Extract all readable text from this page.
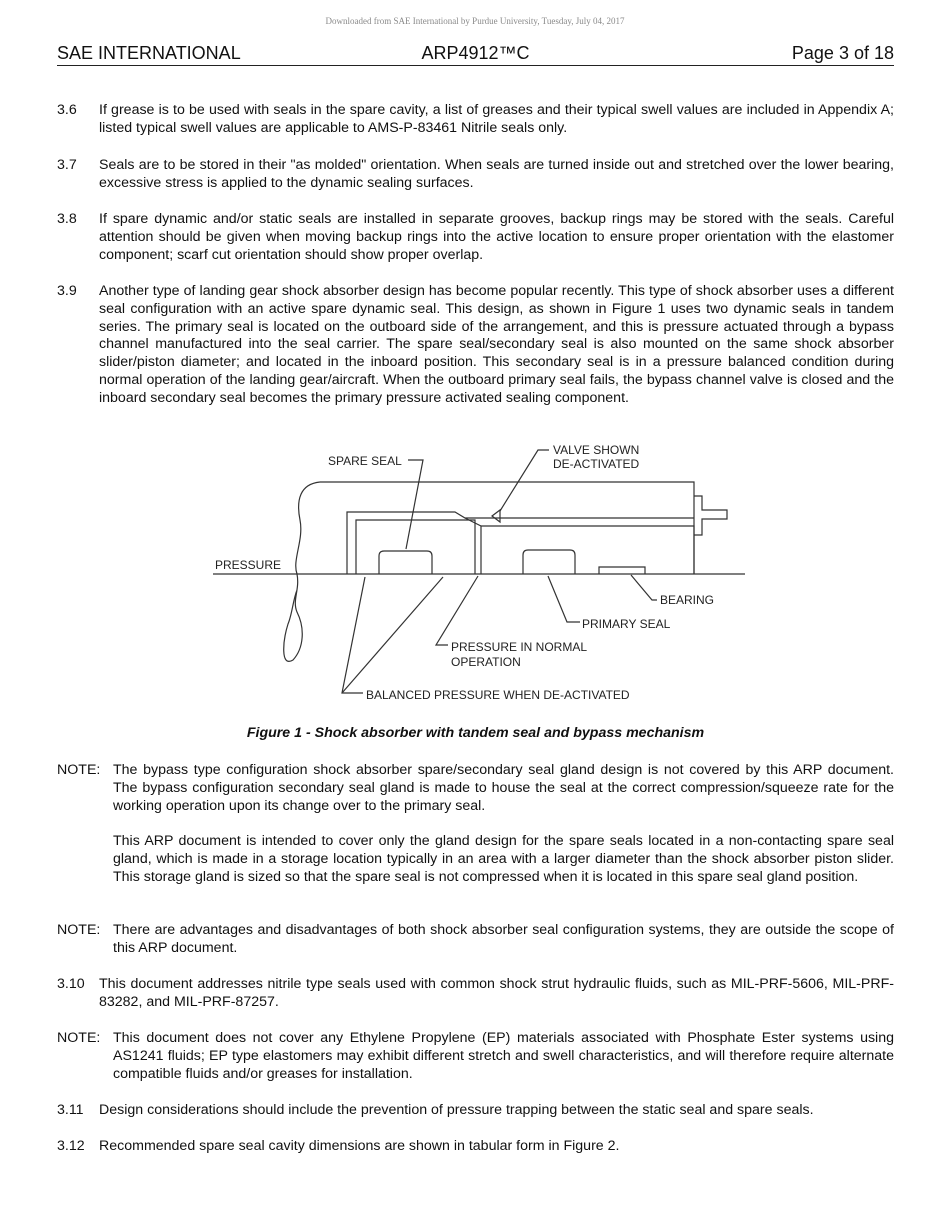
Downloaded from SAE International by Purdue University, Tuesday, July 04, 2017
SAE INTERNATIONAL	ARP4912™C	Page 3 of 18
3.6 If grease is to be used with seals in the spare cavity, a list of greases and their typical swell values are included in Appendix A; listed typical swell values are applicable to AMS-P-83461 Nitrile seals only.
3.7 Seals are to be stored in their "as molded" orientation. When seals are turned inside out and stretched over the lower bearing, excessive stress is applied to the dynamic sealing surfaces.
3.8 If spare dynamic and/or static seals are installed in separate grooves, backup rings may be stored with the seals. Careful attention should be given when moving backup rings into the active location to ensure proper orientation with the elastomer component; scarf cut orientation should show proper overlap.
3.9 Another type of landing gear shock absorber design has become popular recently. This type of shock absorber uses a different seal configuration with an active spare dynamic seal. This design, as shown in Figure 1 uses two dynamic seals in tandem series. The primary seal is located on the outboard side of the arrangement, and this is pressure actuated through a bypass channel manufactured into the seal carrier. The spare seal/secondary seal is also mounted on the same shock absorber slider/piston diameter; and located in the inboard position. This secondary seal is in a pressure balanced condition during normal operation of the landing gear/aircraft. When the outboard primary seal fails, the bypass channel valve is closed and the inboard secondary seal becomes the primary pressure activated sealing component.
SPARE SEAL
VALVE SHOWN
DE-ACTIVATED
PRESSURE
BEARING
PRIMARY SEAL
PRESSURE IN NORMAL
OPERATION
BALANCED PRESSURE WHEN DE-ACTIVATED
Figure 1 - Shock absorber with tandem seal and bypass mechanism
NOTE: The bypass type configuration shock absorber spare/secondary seal gland design is not covered by this ARP document. The bypass configuration secondary seal gland is made to house the seal at the correct compression/squeeze rate for the working operation upon its change over to the primary seal.
This ARP document is intended to cover only the gland design for the spare seals located in a non-contacting spare seal gland, which is made in a storage location typically in an area with a larger diameter than the shock absorber piston slider. This storage gland is sized so that the spare seal is not compressed when it is located in this spare seal gland position.
NOTE: There are advantages and disadvantages of both shock absorber seal configuration systems, they are outside the scope of this ARP document.
3.10 This document addresses nitrile type seals used with common shock strut hydraulic fluids, such as MIL-PRF-5606, MIL-PRF-83282, and MIL-PRF-87257.
NOTE: This document does not cover any Ethylene Propylene (EP) materials associated with Phosphate Ester systems using AS1241 fluids; EP type elastomers may exhibit different stretch and swell characteristics, and will therefore require alternate compatible fluids and/or greases for installation.
3.11 Design considerations should include the prevention of pressure trapping between the static seal and spare seals.
3.12 Recommended spare seal cavity dimensions are shown in tabular form in Figure 2.
